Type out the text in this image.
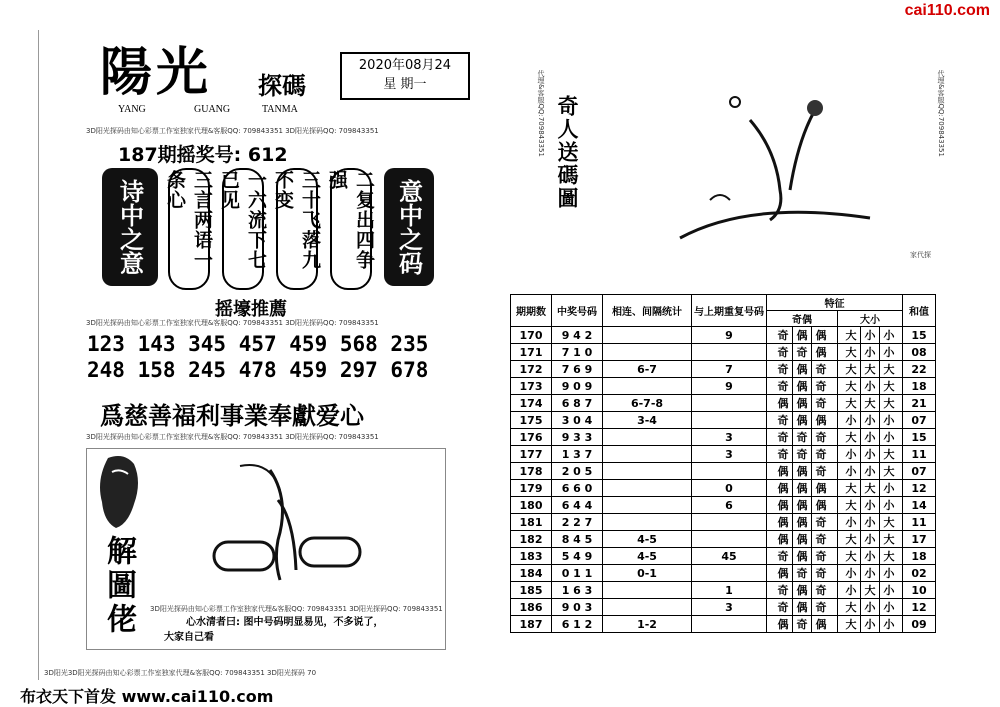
cai110.com
陽光 探碼
YANG	GUANG	TANMA
2020年08月24
星 期一
3D阳光探码由知心彩票工作室独家代理&客服QQ: 709843351 3D阳光探码QQ: 709843351
187期摇奖号: 612
诗中之意	三言两语一条心	一六流下七已见	三十飞落九不变	二复出四争强	意中之码
摇壕推薦
3D阳光探码由知心彩票工作室独家代理&客服QQ: 709843351 3D阳光探码QQ: 709843351
123 143 345 457 459 568 235
248 158 245 478 459 297 678
爲慈善福利事業奉獻爱心
3D阳光探码由知心彩票工作室独家代理&客服QQ: 709843351 3D阳光探码QQ: 709843351
解圖佬	3D阳光探码由知心彩票工作室独家代理&客服QQ: 709843351 3D阳光探码QQ: 709843351
心水清者曰: 图中号码明显易见，不多说了，
大家自己看
3D阳光3D阳光探码由知心彩票工作室独家代理&客服QQ: 709843351 3D阳光探码 70
布衣天下首发 www.cai110.com
代理&客服QQ:709843351	代理&客服QQ:709843351
奇人送碼圖
家代探
期期数	中奖号码	相连、间隔统计	与上期重复号码	特征		和值
				奇偶	大小	
170	9 4 2		9	奇 偶 偶	大 小 小	15
171	7 1 0			奇 奇 偶	大 小 小	08
172	7 6 9	6-7	7	奇 偶 奇	大 大 大	22
173	9 0 9		9	奇 偶 奇	大 小 大	18
174	6 8 7	6-7-8		偶 偶 奇	大 大 大	21
175	3 0 4	3-4		奇 偶 偶	小 小 小	07
176	9 3 3		3	奇 奇 奇	大 小 小	15
177	1 3 7		3	奇 奇 奇	小 小 大	11
178	2 0 5			偶 偶 奇	小 小 大	07
179	6 6 0		0	偶 偶 偶	大 大 小	12
180	6 4 4		6	偶 偶 偶	大 小 小	14
181	2 2 7			偶 偶 奇	小 小 大	11
182	8 4 5	4-5		偶 偶 奇	大 小 大	17
183	5 4 9	4-5	45	奇 偶 奇	大 小 大	18
184	0 1 1	0-1		偶 奇 奇	小 小 小	02
185	1 6 3		1	奇 偶 奇	小 大 小	10
186	9 0 3		3	奇 偶 奇	大 小 小	12
187	6 1 2	1-2		偶 奇 偶	大 小 小	09
